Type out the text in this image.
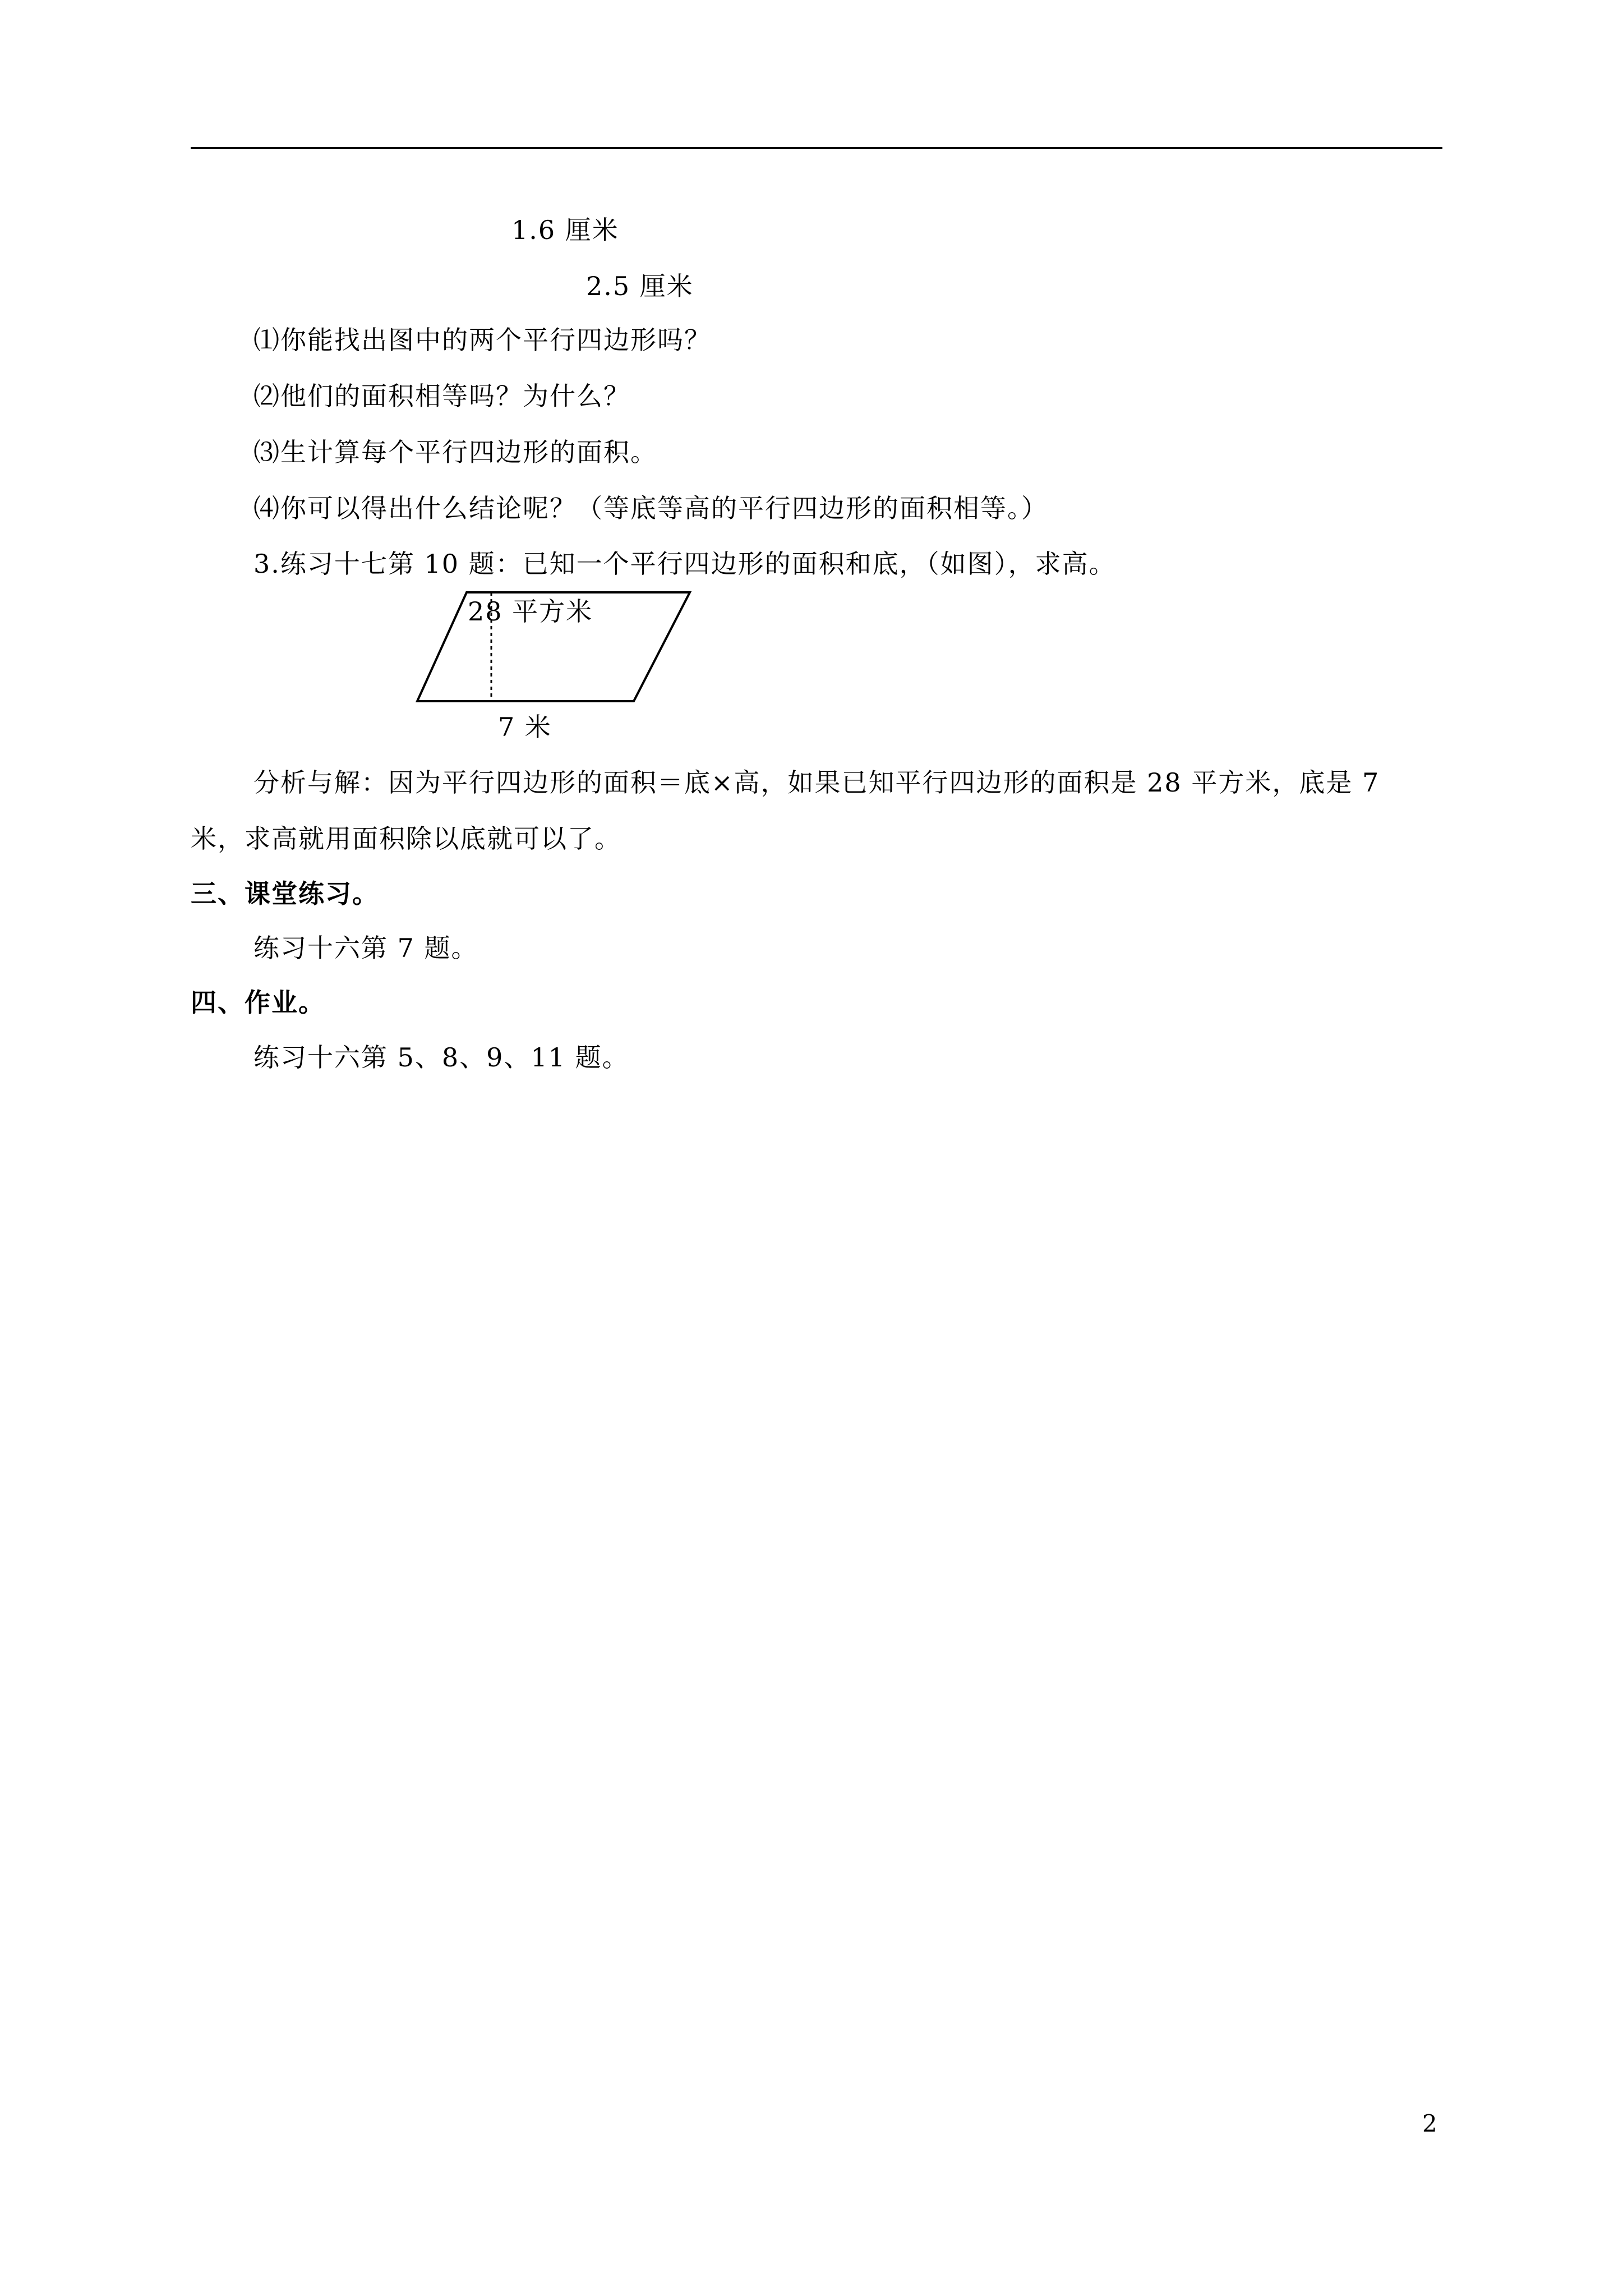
1.6 厘米
2.5 厘米
⑴你能找出图中的两个平行四边形吗？
⑵他们的面积相等吗？为什么？
⑶生计算每个平行四边形的面积。
⑷你可以得出什么结论呢？（等底等高的平行四边形的面积相等。）
3.练习十七第 10 题：已知一个平行四边形的面积和底，（如图），求高。
28 平方米
7 米
分析与解：因为平行四边形的面积＝底×高，如果已知平行四边形的面积是 28 平方米，底是 7
米，求高就用面积除以底就可以了。
三、课堂练习。
练习十六第 7 题。
四、作业。
练习十六第 5、8、9、11 题。
2
